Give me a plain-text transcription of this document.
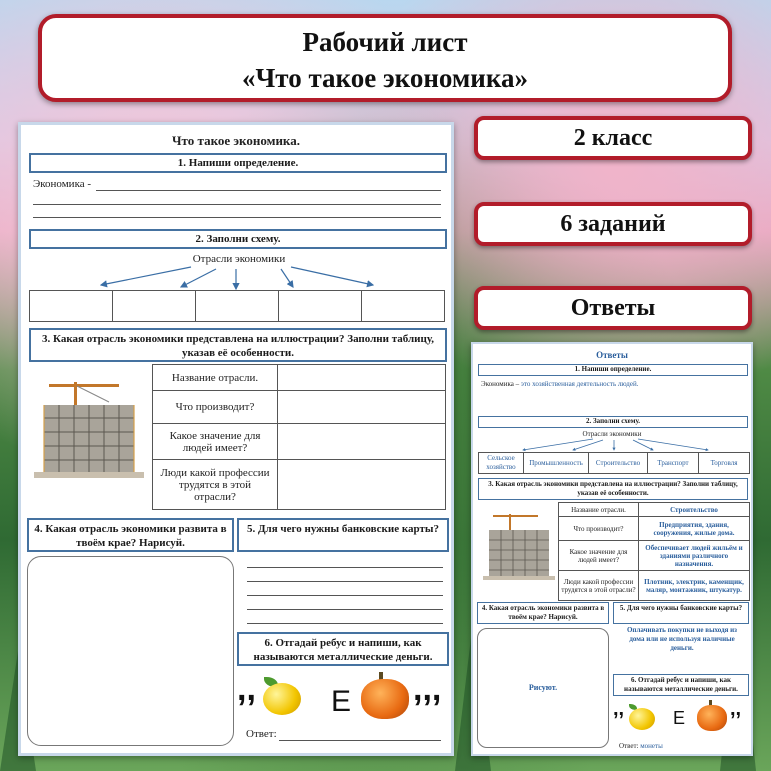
Рабочий лист
«Что такое экономика»
2 класс
6 заданий
Ответы
Что такое экономика.
1. Напиши определение.
Экономика -
2. Заполни схему.
Отрасли экономики
3. Какая отрасль экономики представлена на иллюстрации? Заполни таблицу, указав её особенности.
Название отрасли.	
Что производит?	
Какое значение для людей имеет?	
Люди какой профессии трудятся в этой отрасли?	
4. Какая отрасль экономики развита в твоём крае? Нарисуй.
5. Для чего нужны банковские карты?
6. Отгадай ребус и напиши, как называются металлические деньги.
,,	Е ,,,
Ответ:
Ответы
1. Напиши определение.
Экономика – это хозяйственная деятельность людей.
2. Заполни схему.
Отрасли экономики
Сельское хозяйство	Промышленность	Строительство	Транспорт	Торговля
3. Какая отрасль экономики представлена на иллюстрации? Заполни таблицу, указав её особенности.
Название отрасли.	Строительство
Что производит?	Предприятия, здания, сооружения, жилые дома.
Какое значение для людей имеет?	Обеспечивает людей жильём и зданиями различного назначения.
Люди какой профессии трудятся в этой отрасли?	Плотник, электрик, каменщик, маляр, монтажник, штукатур.
4. Какая отрасль экономики развита в твоём крае? Нарисуй.
Рисуют.
5. Для чего нужны банковские карты?
Оплачивать покупки не выходя из дома или не используя наличные деньги.
6. Отгадай ребус и напиши, как называются металлические деньги.
,,	Е ,,
Ответ: монеты
